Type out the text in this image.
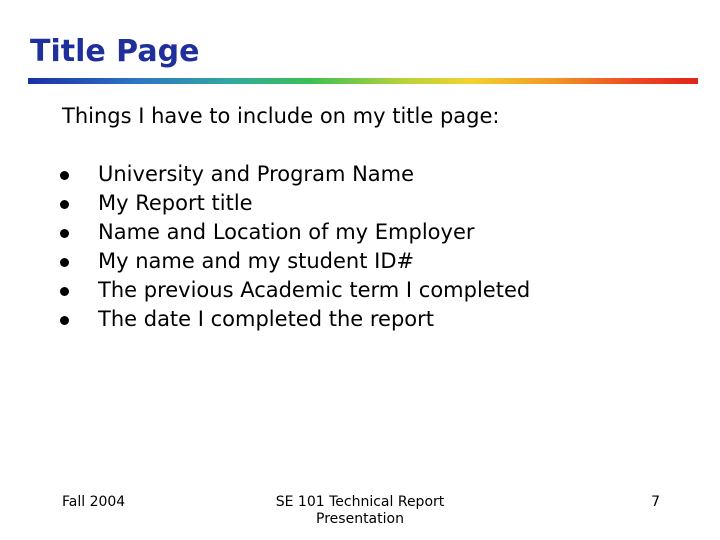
Title Page
Things I have to include on my title page:
University and Program Name
My Report title
Name and Location of my Employer
My name and my student ID#
The previous Academic term I completed
The date I completed the report
Fall 2004	SE 101 Technical Report
Presentation
7
